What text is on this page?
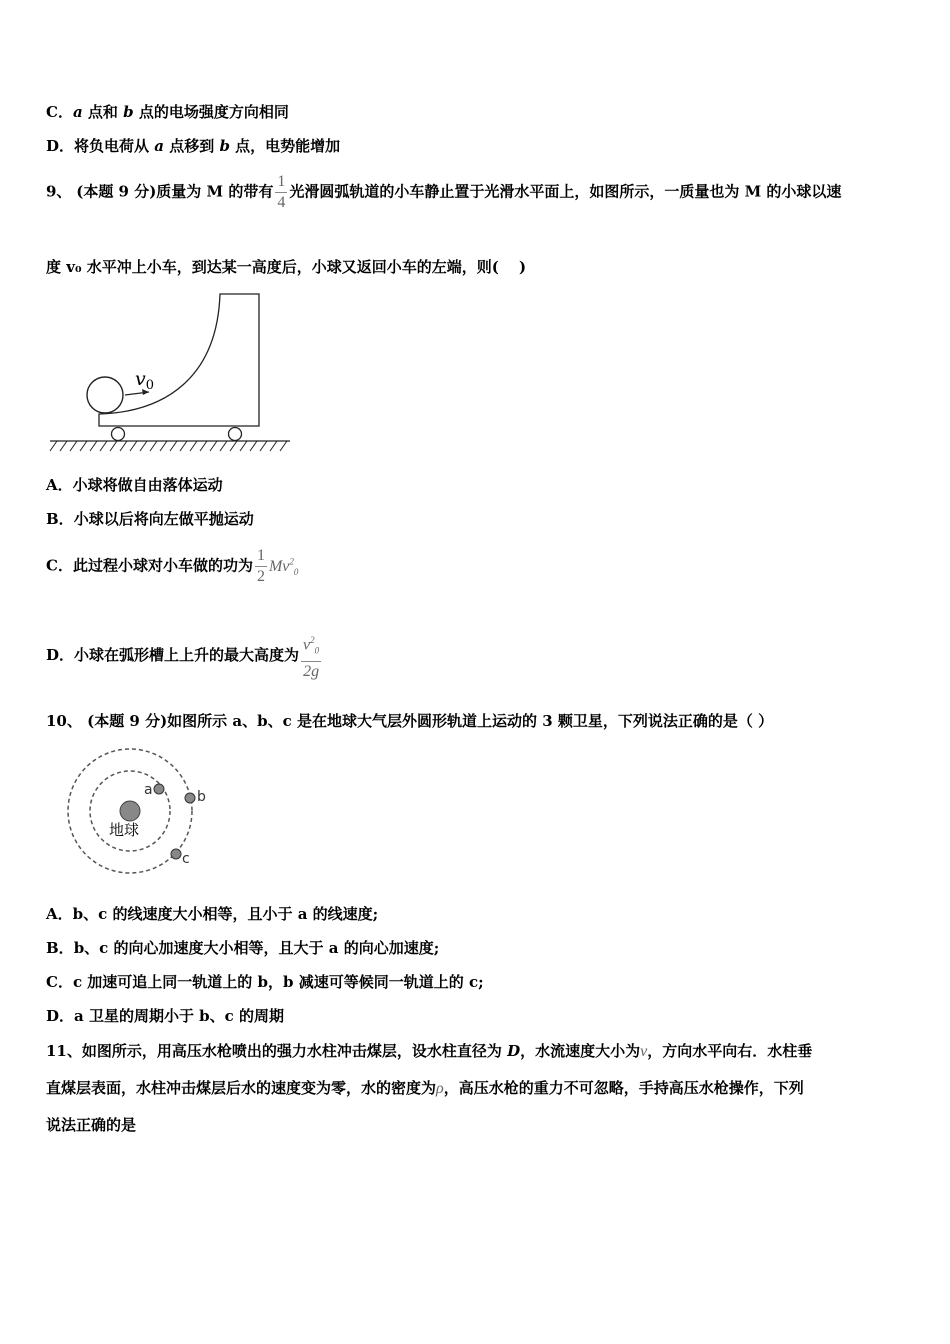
C．a 点和 b 点的电场强度方向相同
D．将负电荷从 a 点移到 b 点，电势能增加
9、 (本题 9 分)质量为 M 的带有 $\frac{1}{4}$ 光滑圆弧轨道的小车静止置于光滑水平面上，如图所示，一质量也为 M 的小球以速
度 v₀ 水平冲上小车，到达某一高度后，小球又返回小车的左端，则(　 )
$v_0$
A．小球将做自由落体运动
B．小球以后将向左做平抛运动
C．此过程小球对小车做的功为 $\frac{1}{2} Mv^2_0$
D．小球在弧形槽上上升的最大高度为 $\frac{v^2_0}{2g}$
10、 (本题 9 分)如图所示 a、b、c 是在地球大气层外圆形轨道上运动的 3 颗卫星，下列说法正确的是（ ）
地球
a	b
c
A．b、c 的线速度大小相等，且小于 a 的线速度;
B．b、c 的向心加速度大小相等，且大于 a 的向心加速度;
C．c 加速可追上同一轨道上的 b，b 减速可等候同一轨道上的 c;
D．a 卫星的周期小于 b、c 的周期
11、如图所示，用高压水枪喷出的强力水柱冲击煤层，设水柱直径为 D，水流速度大小为v，方向水平向右．水柱垂
直煤层表面，水柱冲击煤层后水的速度变为零，水的密度为ρ，高压水枪的重力不可忽略，手持高压水枪操作，下列
说法正确的是
